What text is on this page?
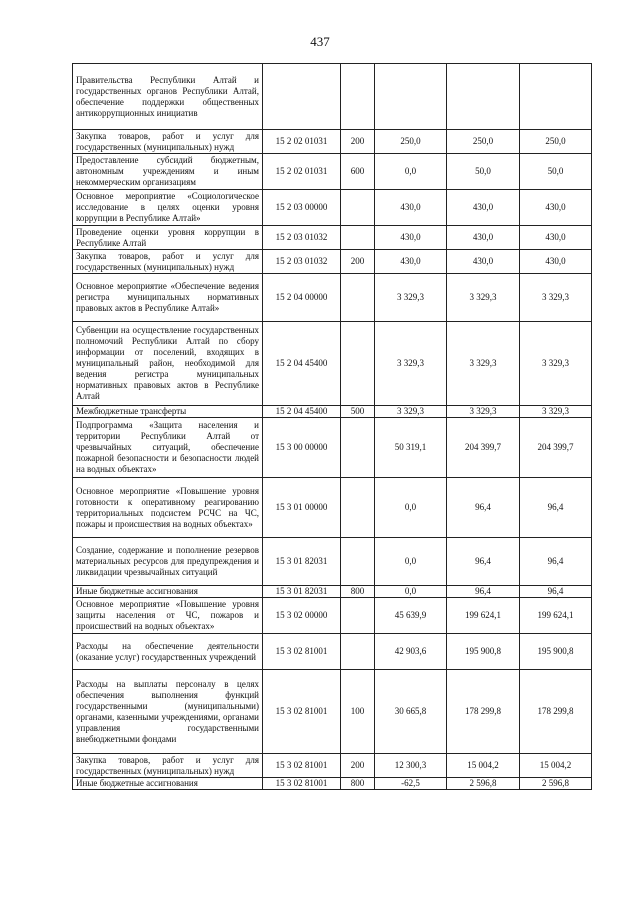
437
Правительства Республики Алтай и государственных органов Республики Алтай, обеспечение поддержки общественных антикоррупционных инициатив					
Закупка товаров, работ и услуг для государственных (муниципальных) нужд	15 2 02 01031	200	250,0	250,0	250,0
Предоставление субсидий бюджетным, автономным учреждениям и иным некоммерческим организациям	15 2 02 01031	600	0,0	50,0	50,0
Основное мероприятие «Социологическое исследование в целях оценки уровня коррупции в Республике Алтай»	15 2 03 00000		430,0	430,0	430,0
Проведение оценки уровня коррупции в Республике Алтай	15 2 03 01032		430,0	430,0	430,0
Закупка товаров, работ и услуг для государственных (муниципальных) нужд	15 2 03 01032	200	430,0	430,0	430,0
Основное мероприятие «Обеспечение ведения регистра муниципальных нормативных правовых актов в Республике Алтай»	15 2 04 00000		3 329,3	3 329,3	3 329,3
Субвенции на осуществление государственных полномочий Республики Алтай по сбору информации от поселений, входящих в муниципальный район, необходимой для ведения регистра муниципальных нормативных правовых актов в Республике Алтай	15 2 04 45400		3 329,3	3 329,3	3 329,3
Межбюджетные трансферты	15 2 04 45400	500	3 329,3	3 329,3	3 329,3
Подпрограмма «Защита населения и территории Республики Алтай от чрезвычайных ситуаций, обеспечение пожарной безопасности и безопасности людей на водных объектах»	15 3 00 00000		50 319,1	204 399,7	204 399,7
Основное мероприятие «Повышение уровня готовности к оперативному реагированию территориальных подсистем РСЧС на ЧС, пожары и происшествия на водных объектах»	15 3 01 00000		0,0	96,4	96,4
Создание, содержание и пополнение резервов материальных ресурсов для предупреждения и ликвидации чрезвычайных ситуаций	15 3 01 82031		0,0	96,4	96,4
Иные бюджетные ассигнования	15 3 01 82031	800	0,0	96,4	96,4
Основное мероприятие «Повышение уровня защиты населения от ЧС, пожаров и происшествий на водных объектах»	15 3 02 00000		45 639,9	199 624,1	199 624,1
Расходы на обеспечение деятельности (оказание услуг) государственных учреждений	15 3 02 81001		42 903,6	195 900,8	195 900,8
Расходы на выплаты персоналу в целях обеспечения выполнения функций государственными (муниципальными) органами, казенными учреждениями, органами управления государственными внебюджетными фондами	15 3 02 81001	100	30 665,8	178 299,8	178 299,8
Закупка товаров, работ и услуг для государственных (муниципальных) нужд	15 3 02 81001	200	12 300,3	15 004,2	15 004,2
Иные бюджетные ассигнования	15 3 02 81001	800	-62,5	2 596,8	2 596,8
